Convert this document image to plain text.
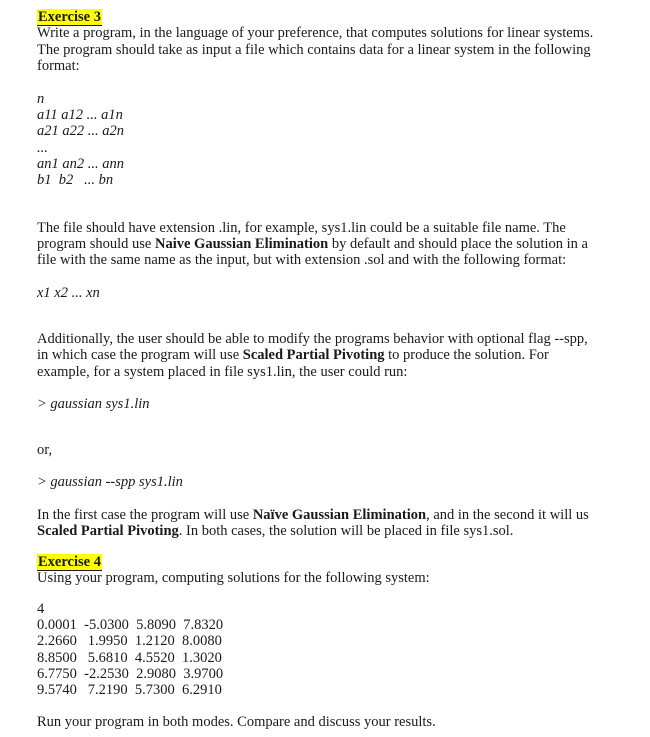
Exercise 3
Write a program, in the language of your preference, that computes solutions for linear systems.
The program should take as input a file which contains data for a linear system in the following
format:
n
a11 a12 ... a1n
a21 a22 ... a2n
...
an1 an2 ... ann
b1  b2   ... bn
The file should have extension .lin, for example, sys1.lin could be a suitable file name. The
program should use Naive Gaussian Elimination by default and should place the solution in a
file with the same name as the input, but with extension .sol and with the following format:
x1 x2 ... xn
Additionally, the user should be able to modify the programs behavior with optional flag --spp,
in which case the program will use Scaled Partial Pivoting to produce the solution. For
example, for a system placed in file sys1.lin, the user could run:
> gaussian sys1.lin
or,
> gaussian --spp sys1.lin
In the first case the program will use Naïve Gaussian Elimination, and in the second it will us
Scaled Partial Pivoting. In both cases, the solution will be placed in file sys1.sol.
Exercise 4
Using your program, computing solutions for the following system:
4
0.0001  -5.0300  5.8090  7.8320
2.2660   1.9950  1.2120  8.0080
8.8500   5.6810  4.5520  1.3020
6.7750  -2.2530  2.9080  3.9700
9.5740   7.2190  5.7300  6.2910
Run your program in both modes. Compare and discuss your results.
